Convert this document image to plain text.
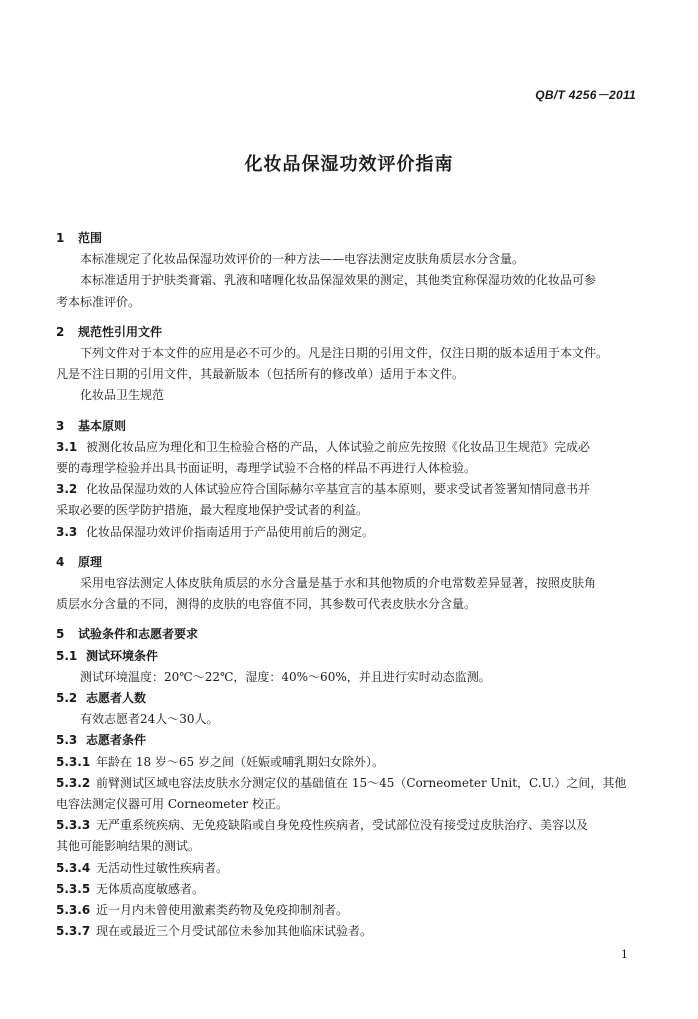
QB/T 4256－2011
化妆品保湿功效评价指南
1 范围
本标准规定了化妆品保湿功效评价的一种方法——电容法测定皮肤角质层水分含量。
本标准适用于护肤类膏霜、乳液和啫喱化妆品保湿效果的测定，其他类宜称保湿功效的化妆品可参
考本标准评价。
2 规范性引用文件
下列文件对于本文件的应用是必不可少的。凡是注日期的引用文件，仅注日期的版本适用于本文件。
凡是不注日期的引用文件，其最新版本（包括所有的修改单）适用于本文件。
化妆品卫生规范
3 基本原则
3.1 被测化妆品应为理化和卫生检验合格的产品，人体试验之前应先按照《化妆品卫生规范》完成必
要的毒理学检验并出具书面证明，毒理学试验不合格的样品不再进行人体检验。
3.2 化妆品保湿功效的人体试验应符合国际赫尔辛基宣言的基本原则，要求受试者签署知情同意书并
采取必要的医学防护措施，最大程度地保护受试者的利益。
3.3 化妆品保湿功效评价指南适用于产品使用前后的测定。
4 原理
采用电容法测定人体皮肤角质层的水分含量是基于水和其他物质的介电常数差异显著，按照皮肤角
质层水分含量的不同，测得的皮肤的电容值不同，其参数可代表皮肤水分含量。
5 试验条件和志愿者要求
5.1 测试环境条件
测试环境温度：20℃～22℃，湿度：40%～60%，并且进行实时动态监测。
5.2 志愿者人数
有效志愿者24人～30人。
5.3 志愿者条件
5.3.1 年龄在 18 岁～65 岁之间（妊娠或哺乳期妇女除外）。
5.3.2 前臂测试区域电容法皮肤水分测定仪的基础值在 15～45（Corneometer Unit，C.U.）之间，其他
电容法测定仪器可用 Corneometer 校正。
5.3.3 无严重系统疾病、无免疫缺陷或自身免疫性疾病者，受试部位没有接受过皮肤治疗、美容以及
其他可能影响结果的测试。
5.3.4 无活动性过敏性疾病者。
5.3.5 无体质高度敏感者。
5.3.6 近一月内未曾使用激素类药物及免疫抑制剂者。
5.3.7 现在或最近三个月受试部位未参加其他临床试验者。
1
